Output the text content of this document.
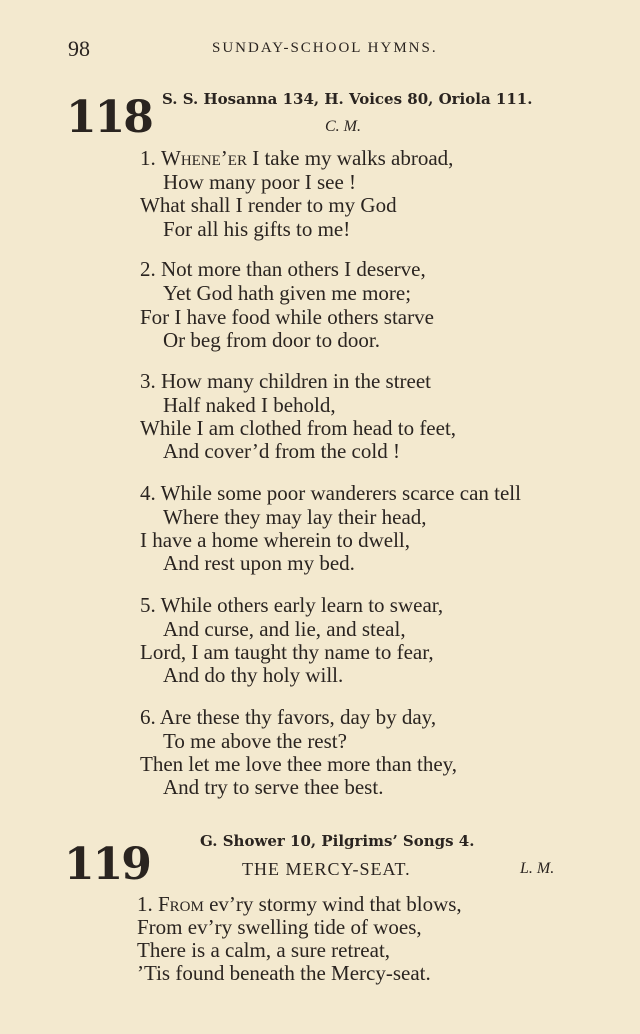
98	SUNDAY-SCHOOL HYMNS.
118 S. S. Hosanna 134, H. Voices 80, Oriola 111.
C. M.
1. Whene’er I take my walks abroad,
How many poor I see !
What shall I render to my God
For all his gifts to me!
2. Not more than others I deserve,
Yet God hath given me more;
For I have food while others starve
Or beg from door to door.
3. How many children in the street
Half naked I behold,
While I am clothed from head to feet,
And cover’d from the cold !
4. While some poor wanderers scarce can tell
Where they may lay their head,
I have a home wherein to dwell,
And rest upon my bed.
5. While others early learn to swear,
And curse, and lie, and steal,
Lord, I am taught thy name to fear,
And do thy holy will.
6. Are these thy favors, day by day,
To me above the rest?
Then let me love thee more than they,
And try to serve thee best.
G. Shower 10, Pilgrims’ Songs 4.
119	THE MERCY-SEAT.	L. M.
1. From ev’ry stormy wind that blows,
From ev’ry swelling tide of woes,
There is a calm, a sure retreat,
’Tis found beneath the Mercy-seat.
